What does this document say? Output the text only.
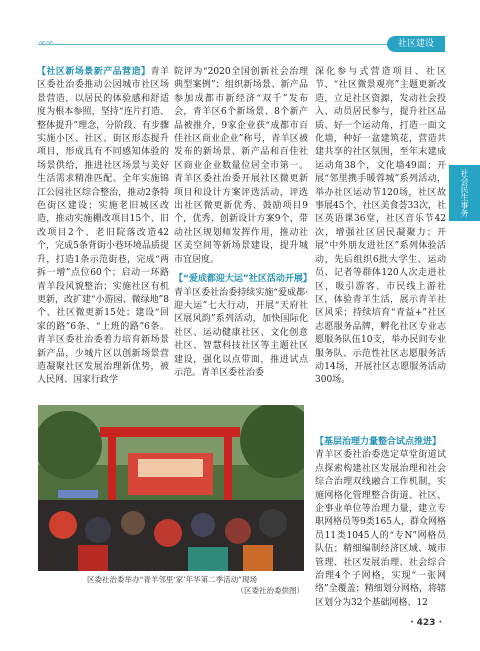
社区建设
社会民生事务

【社区新场景新产品营造】青羊区委社治委推动公园城市社区场景营造，以居民的体验感和舒适度为根本参照，坚持“连片打造、整体提升”理念，分阶段、有步骤实施小区、社区、街区形态提升项目，形成具有不同感知体验的场景供给，推进社区场景与美好生活需求精准匹配。全年实施锦江公园社区综合整治，推动2条特色街区建设；实施老旧城区改造，推动实施棚改项目15个、旧改项目2个、老旧院落改造42个，完成5条背街小巷环境品质提升，打造1条示范街巷，完成“两拆一增”点位60个；启动一环路青羊段风貌整治；实施社区有机更新，改扩建“小游园、微绿地”8个、社区微更新15处；建设“回家的路”6条、“上班的路”6条。青羊区委社治委着力培育新场景新产品，少城片区以创新场景营造凝聚社区发展治理新优势，被人民网、国家行政学

院评为“2020全国创新社会治理典型案例”；组织新场景、新产品参加成都市新经济“双千”发布会，青羊区6个新场景、8个新产品被推介，9家企业获“成都市百佳社区商业企业”称号，青羊区被发布的新场景、新产品和百佳社区商业企业数量位居全市第一。青羊区委社治委开展社区微更新项目和设计方案评选活动，评选出社区微更新优秀、鼓励项目9个，优秀、创新设计方案9个，带动社区规划师发挥作用，推动社区美空间等新场景建设，提升城市宜居度。

【“爱成都迎大运”社区活动开展】青羊区委社治委持续实施“爱成都·迎大运”七大行动，开展“天府社区展风韵”系列活动，加快国际化社区、运动健康社区、文化创意社区、智慧科技社区等主题社区建设，强化以点带面，推进试点示范。青羊区委社治委

深化参与式营造项目、社区节、“社区微景观亮”主题更新改造，立足社区资源，发动社会投入、动员居民参与，提升社区品质、好一个运动角，打造一面文化墙，种好一盆建筑花，营造共建共享的社区氛围，至年末建成运动角38个，文化墙49面；开展“邻里携手暖蓉城”系列活动，举办社区运动节120场，社区故事展45个，社区美食荟33次，社区英语课36堂，社区音乐节42次，增强社区居民凝聚力；开展“中外朋友进社区”系列体验活动，先后组织6批大学生、运动员、记者等群体120人次走进社区，吸引游客、市民线上游社区，体验青羊生活，展示青羊社区风采；持续培育“青益+”社区志愿服务品牌，孵化社区专业志愿服务队伍10支，举办民间专业服务队、示范性社区志愿服务活动14场，开展社区志愿服务活动300场。

【基层治理力量整合试点推进】

青羊区委社治委选定草堂街道试点探索构建社区发展治理和社会综合治理双线融合工作机制，实施网格化管理整合街道、社区、企事业单位等治理力量，建立专职网格员等9类165人，群众网格员11类1045人的“专N”网格员队伍；精细编制经济区域、城市管理、社区发展治理、社会综合治理4个子网格，实现“一张网络”全覆盖；精细划分网格，将辖区划分为32个基础网格、12

区委社治委举办“青羊邻里‘家’年华第二季活动”现场
（区委社治委供图）
· 423 ·
